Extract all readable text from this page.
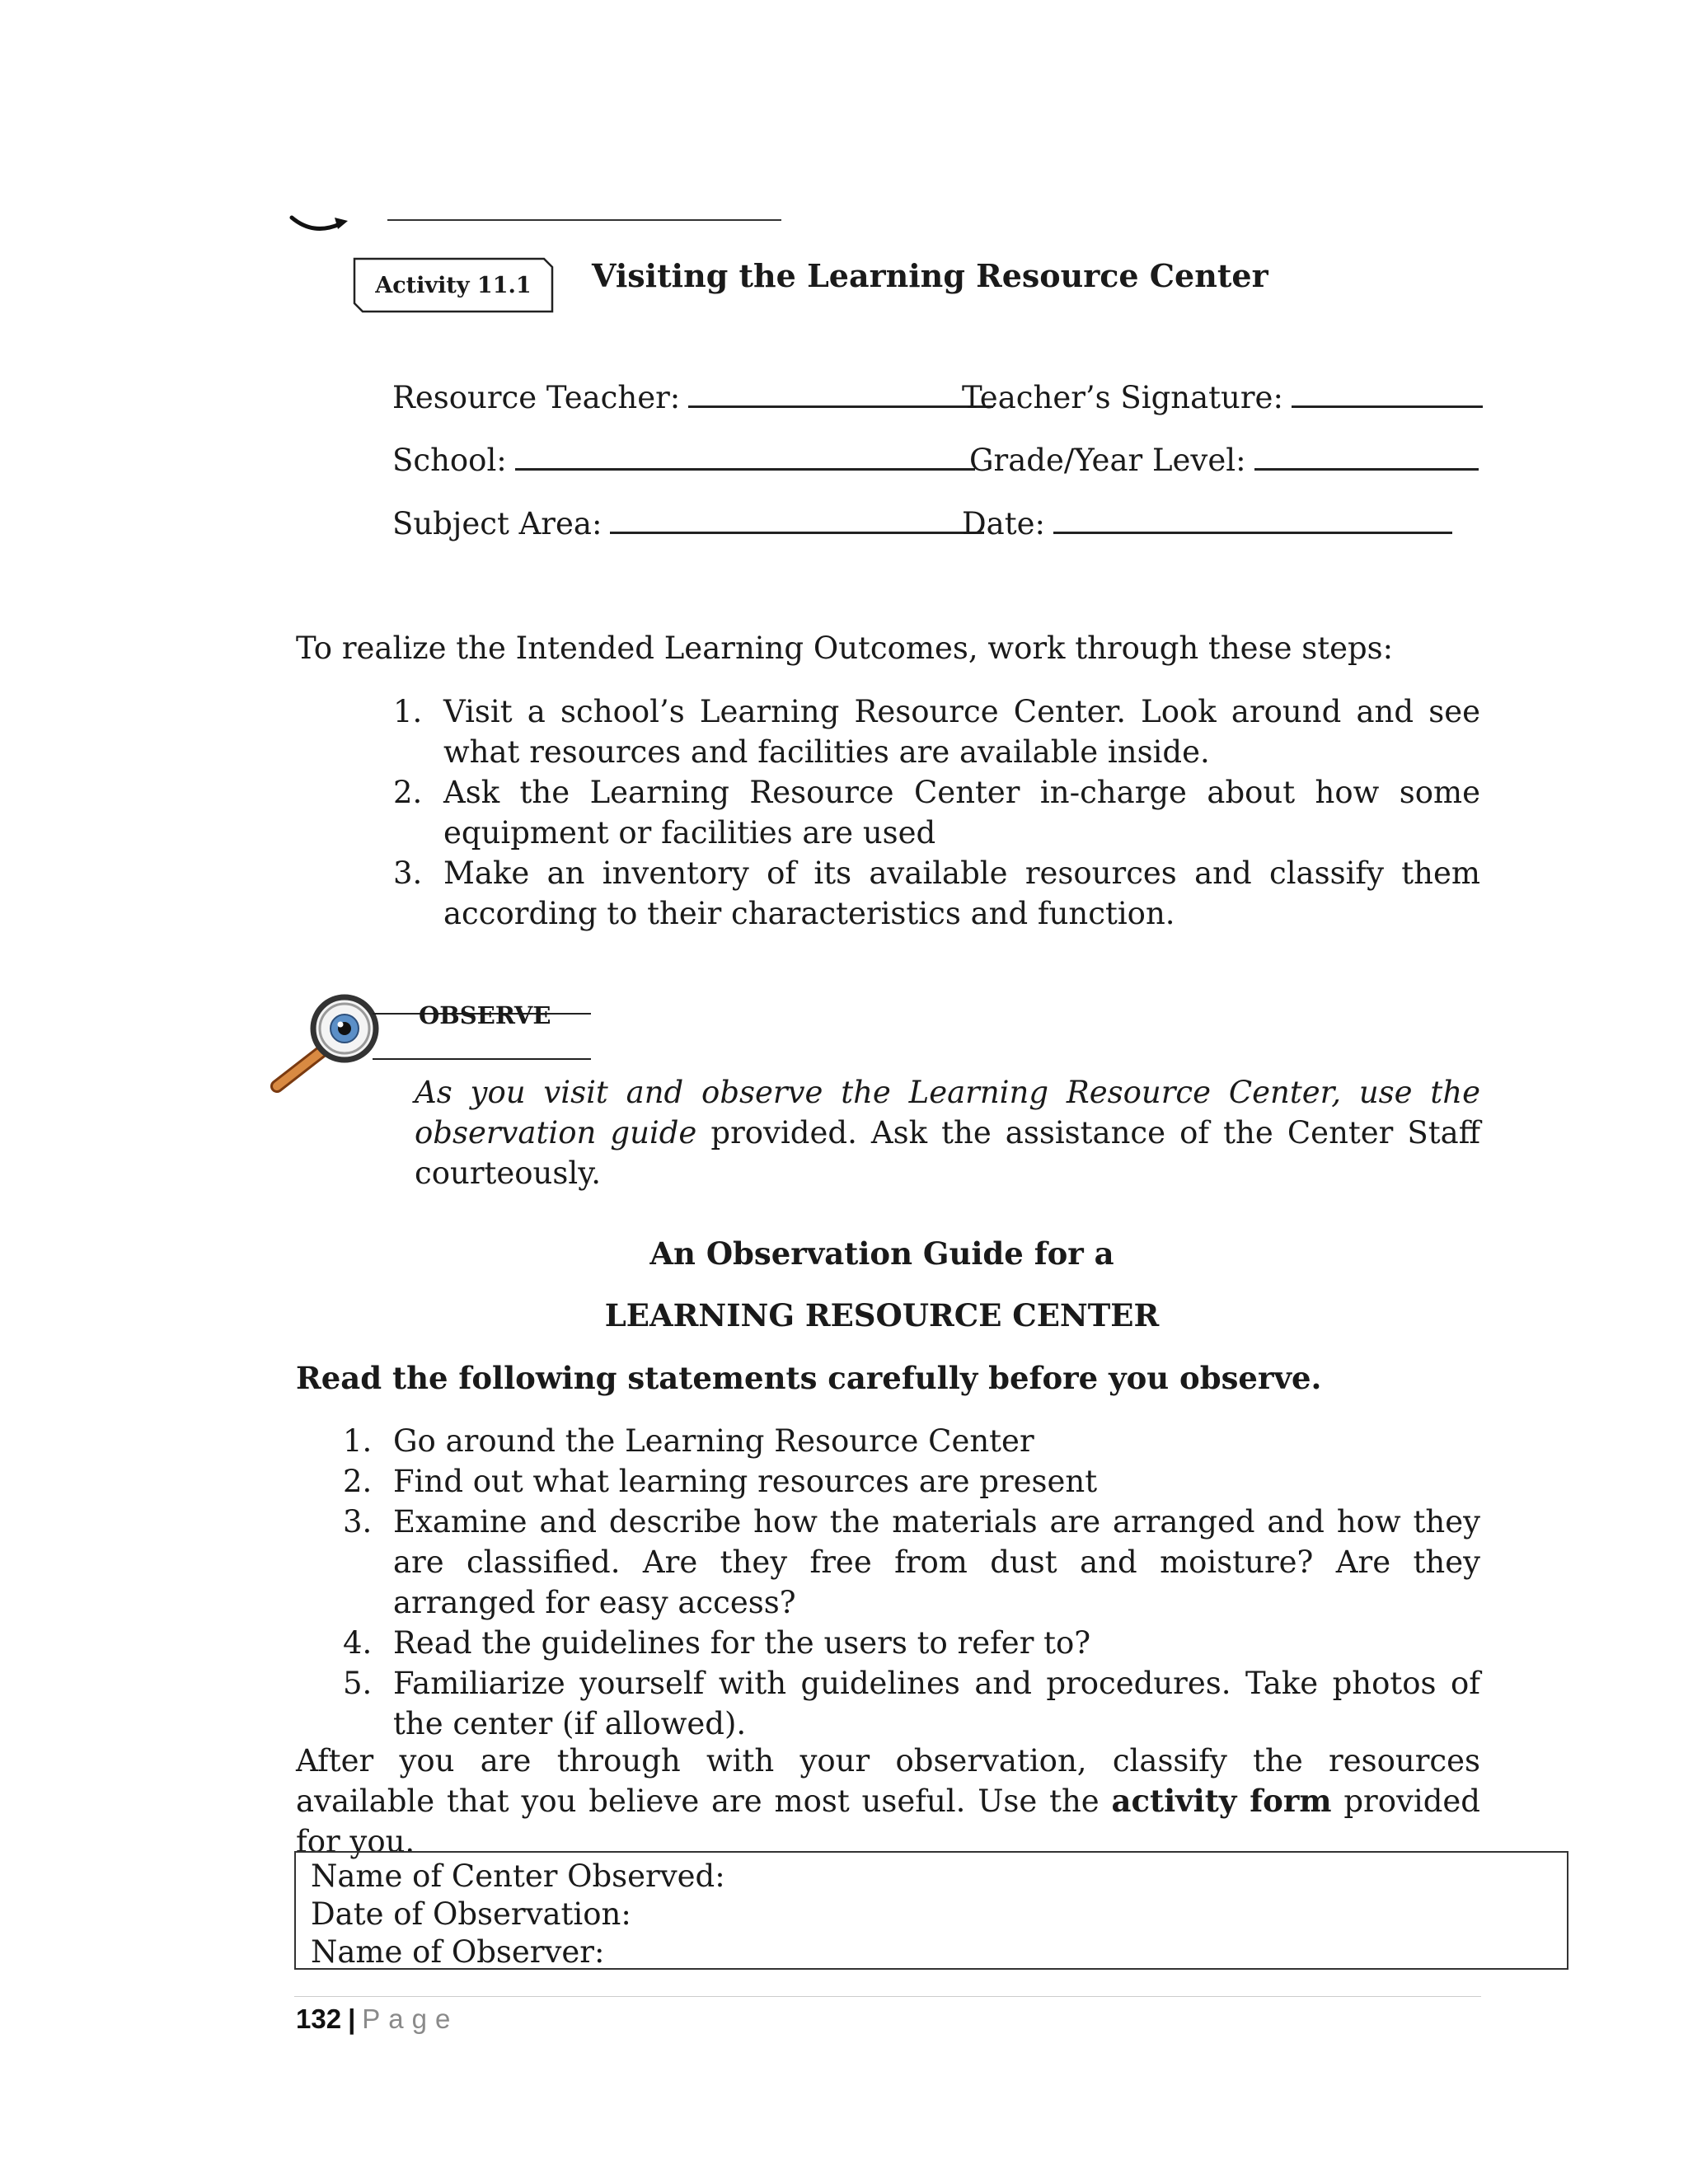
Activity 11.1 Visiting the Learning Resource Center
Resource Teacher:	Teacher’s Signature:
School:	Grade/Year Level:
Subject Area:	Date:
To realize the Intended Learning Outcomes, work through these steps:
1. Visit a school’s Learning Resource Center. Look around and see what resources and facilities are available inside.
2. Ask the Learning Resource Center in-charge about how some equipment or facilities are used
3. Make an inventory of its available resources and classify them according to their characteristics and function.
OBSERVE
As you visit and observe the Learning Resource Center, use the observation guide provided. Ask the assistance of the Center Staff courteously.
An Observation Guide for a
LEARNING RESOURCE CENTER
Read the following statements carefully before you observe.
1. Go around the Learning Resource Center
2. Find out what learning resources are present
3. Examine and describe how the materials are arranged and how they are classified. Are they free from dust and moisture? Are they arranged for easy access?
4. Read the guidelines for the users to refer to?
5. Familiarize yourself with guidelines and procedures. Take photos of the center (if allowed).
After you are through with your observation, classify the resources available that you believe are most useful. Use the activity form provided for you.
Name of Center Observed:
Date of Observation:
Name of Observer:
132 | Page
